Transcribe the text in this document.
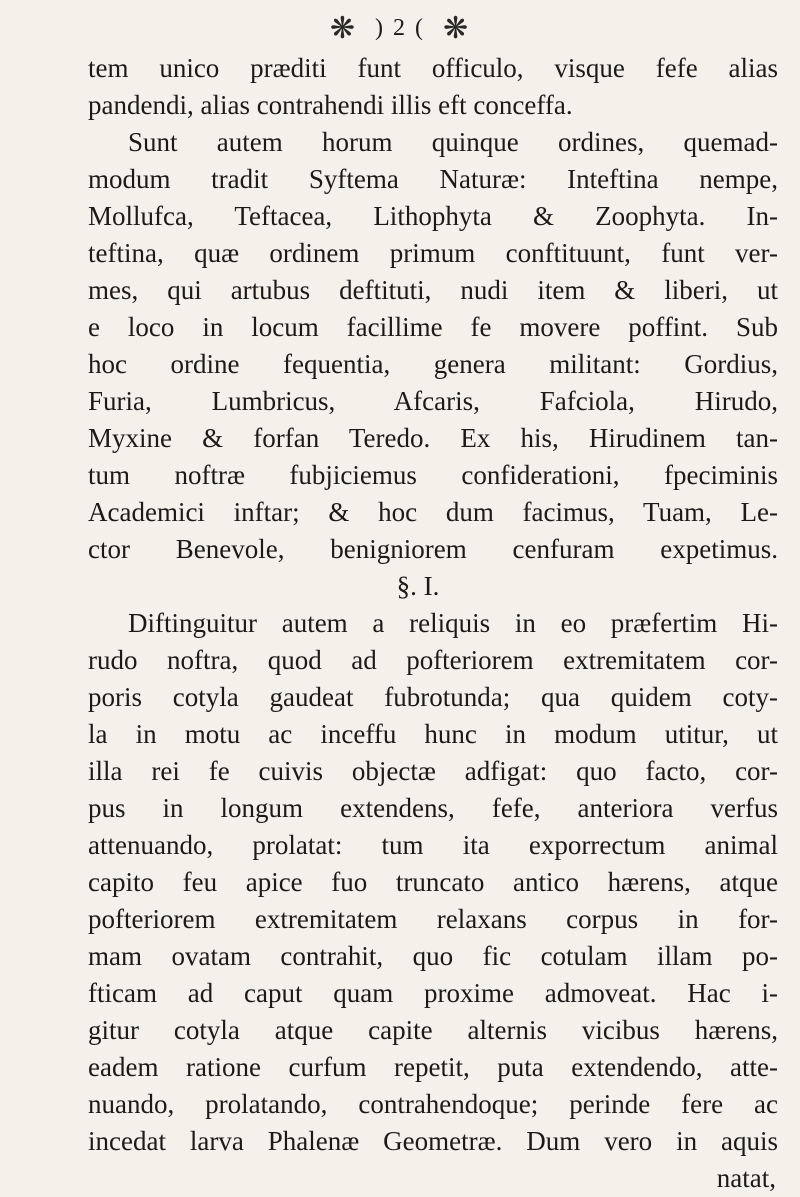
❋ ) 2 ( ❋
tem unico præditi funt officulo, visque fefe alias
pandendi, alias contrahendi illis eft conceffa.
Sunt autem horum quinque ordines, quemad-
modum tradit Syftema Naturæ: Inteftina nempe,
Mollufca, Teftacea, Lithophyta & Zoophyta. In-
teftina, quæ ordinem primum conftituunt, funt ver-
mes, qui artubus deftituti, nudi item & liberi, ut
e loco in locum facillime fe movere poffint. Sub
hoc ordine fequentia, genera militant: Gordius,
Furia, Lumbricus, Afcaris, Fafciola, Hirudo,
Myxine & forfan Teredo. Ex his, Hirudinem tan-
tum noftræ fubjiciemus confiderationi, fpeciminis
Academici inftar; & hoc dum facimus, Tuam, Le-
ctor Benevole, benigniorem cenfuram expetimus.
§. I.
Diftinguitur autem a reliquis in eo præfertim Hi-
rudo noftra, quod ad pofteriorem extremitatem cor-
poris cotyla gaudeat fubrotunda; qua quidem coty-
la in motu ac inceffu hunc in modum utitur, ut
illa rei fe cuivis objectæ adfigat: quo facto, cor-
pus in longum extendens, fefe, anteriora verfus
attenuando, prolatat: tum ita exporrectum animal
capito feu apice fuo truncato antico hærens, atque
pofteriorem extremitatem relaxans corpus in for-
mam ovatam contrahit, quo fic cotulam illam po-
fticam ad caput quam proxime admoveat. Hac i-
gitur cotyla atque capite alternis vicibus hærens,
eadem ratione curfum repetit, puta extendendo, atte-
nuando, prolatando, contrahendoque; perinde fere ac
incedat larva Phalenæ Geometræ. Dum vero in aquis
natat,
